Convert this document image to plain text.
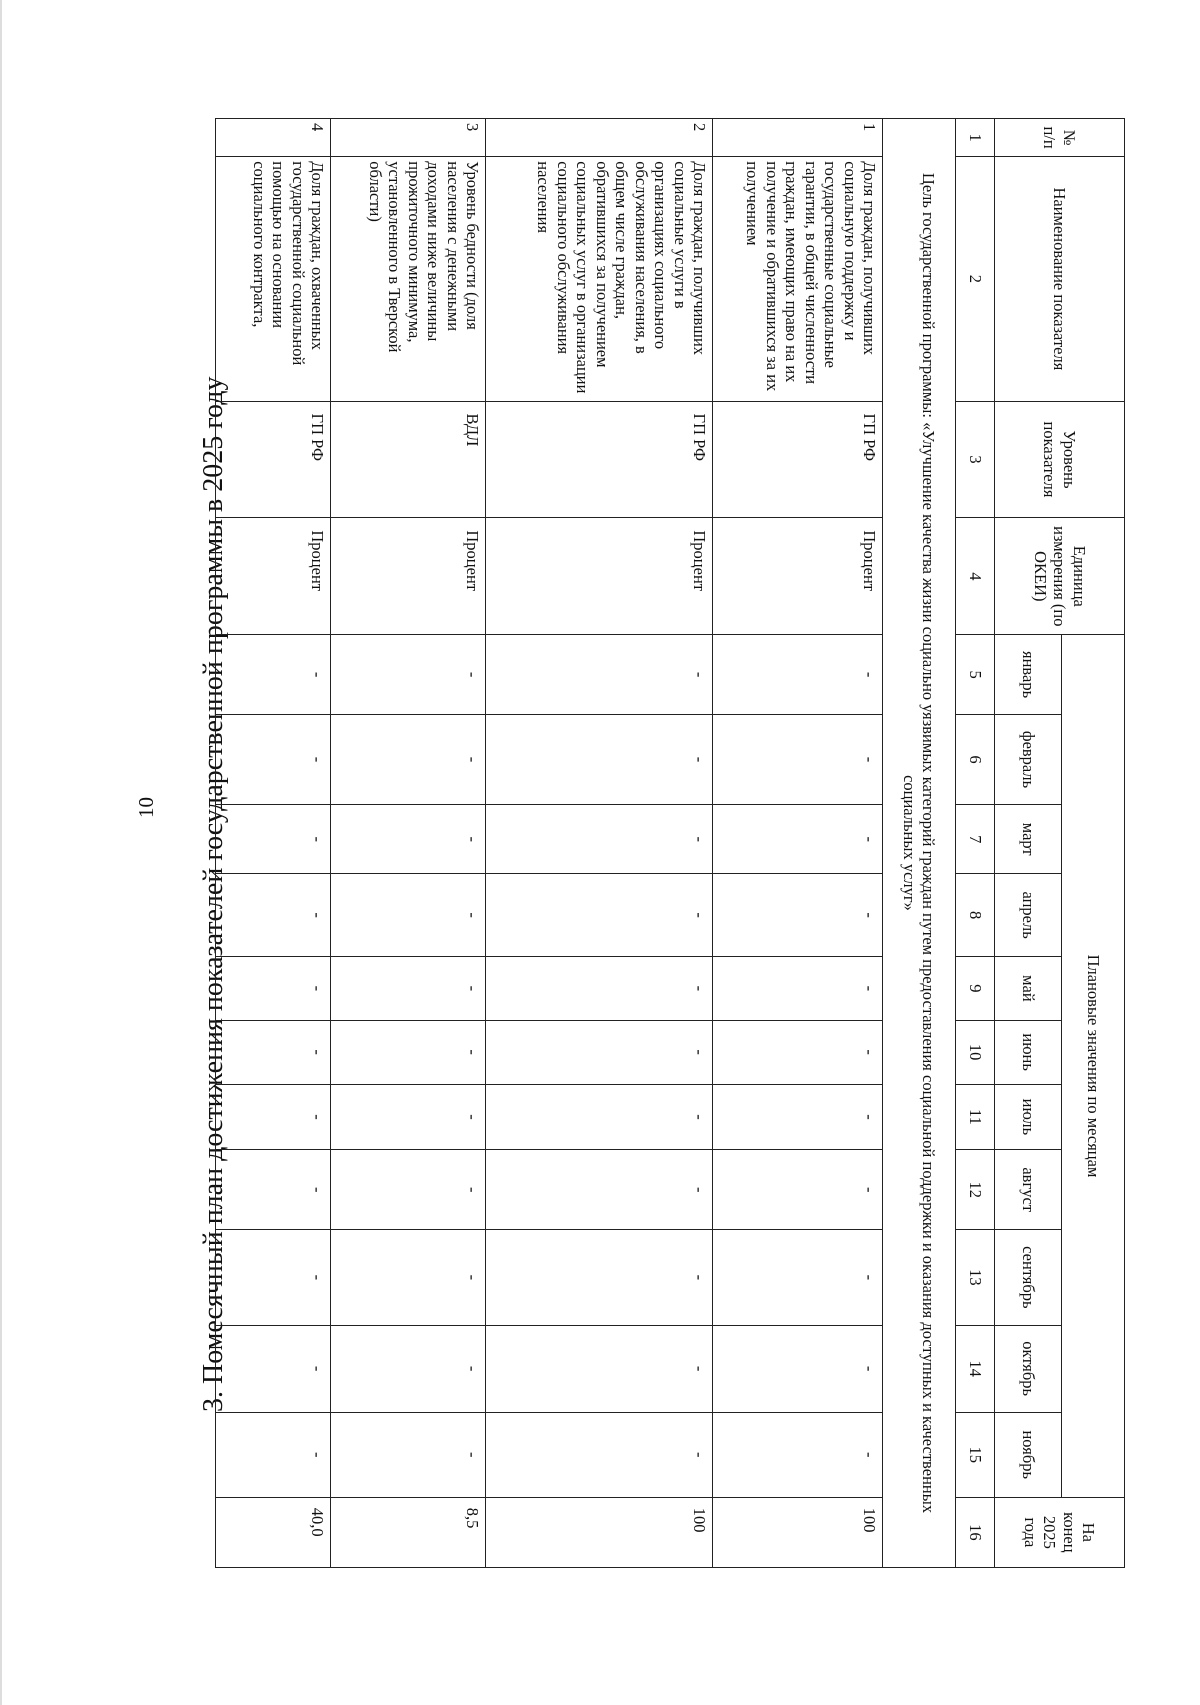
10 3. Помесячный план достижения показателей государственной программы в 2025 году
№ п/п	Наименование показателя	Уровень показателя	Единица измерения (по ОКЕИ)	Плановые значения по месяцам											На конец 2025 года
				январь	февраль	март	апрель	май	июнь	июль	август	сентябрь	октябрь	ноябрь	
1	2	3	4	5	6	7	8	9	10	11	12	13	14	15	16
Цель государственной программы: «Улучшение качества жизни социально уязвимых категорий граждан путем предоставления социальной поддержки и оказания доступных и качественных социальных услуг»															
1	Доля граждан, получивших социальную поддержку и государственные социальные гарантии, в общей численности граждан, имеющих право на их получение и обратившихся за их получением	ГП РФ	Процент	-	-	-	-	-	-	-	-	-	-	-	100
2	Доля граждан, получивших социальные услуги в организациях социального обслуживания населения, в общем числе граждан, обратившихся за получением социальных услуг в организации социального обслуживания населения	ГП РФ	Процент	-	-	-	-	-	-	-	-	-	-	-	100
3	Уровень бедности (доля населения с денежными доходами ниже величины прожиточного минимума, установленного в Тверской области)	ВДЛ	Процент	-	-	-	-	-	-	-	-	-	-	-	8,5
4	Доля граждан, охваченных государственной социальной помощью на основании социального контракта,	ГП РФ	Процент	-	-	-	-	-	-	-	-	-	-	-	40,0
